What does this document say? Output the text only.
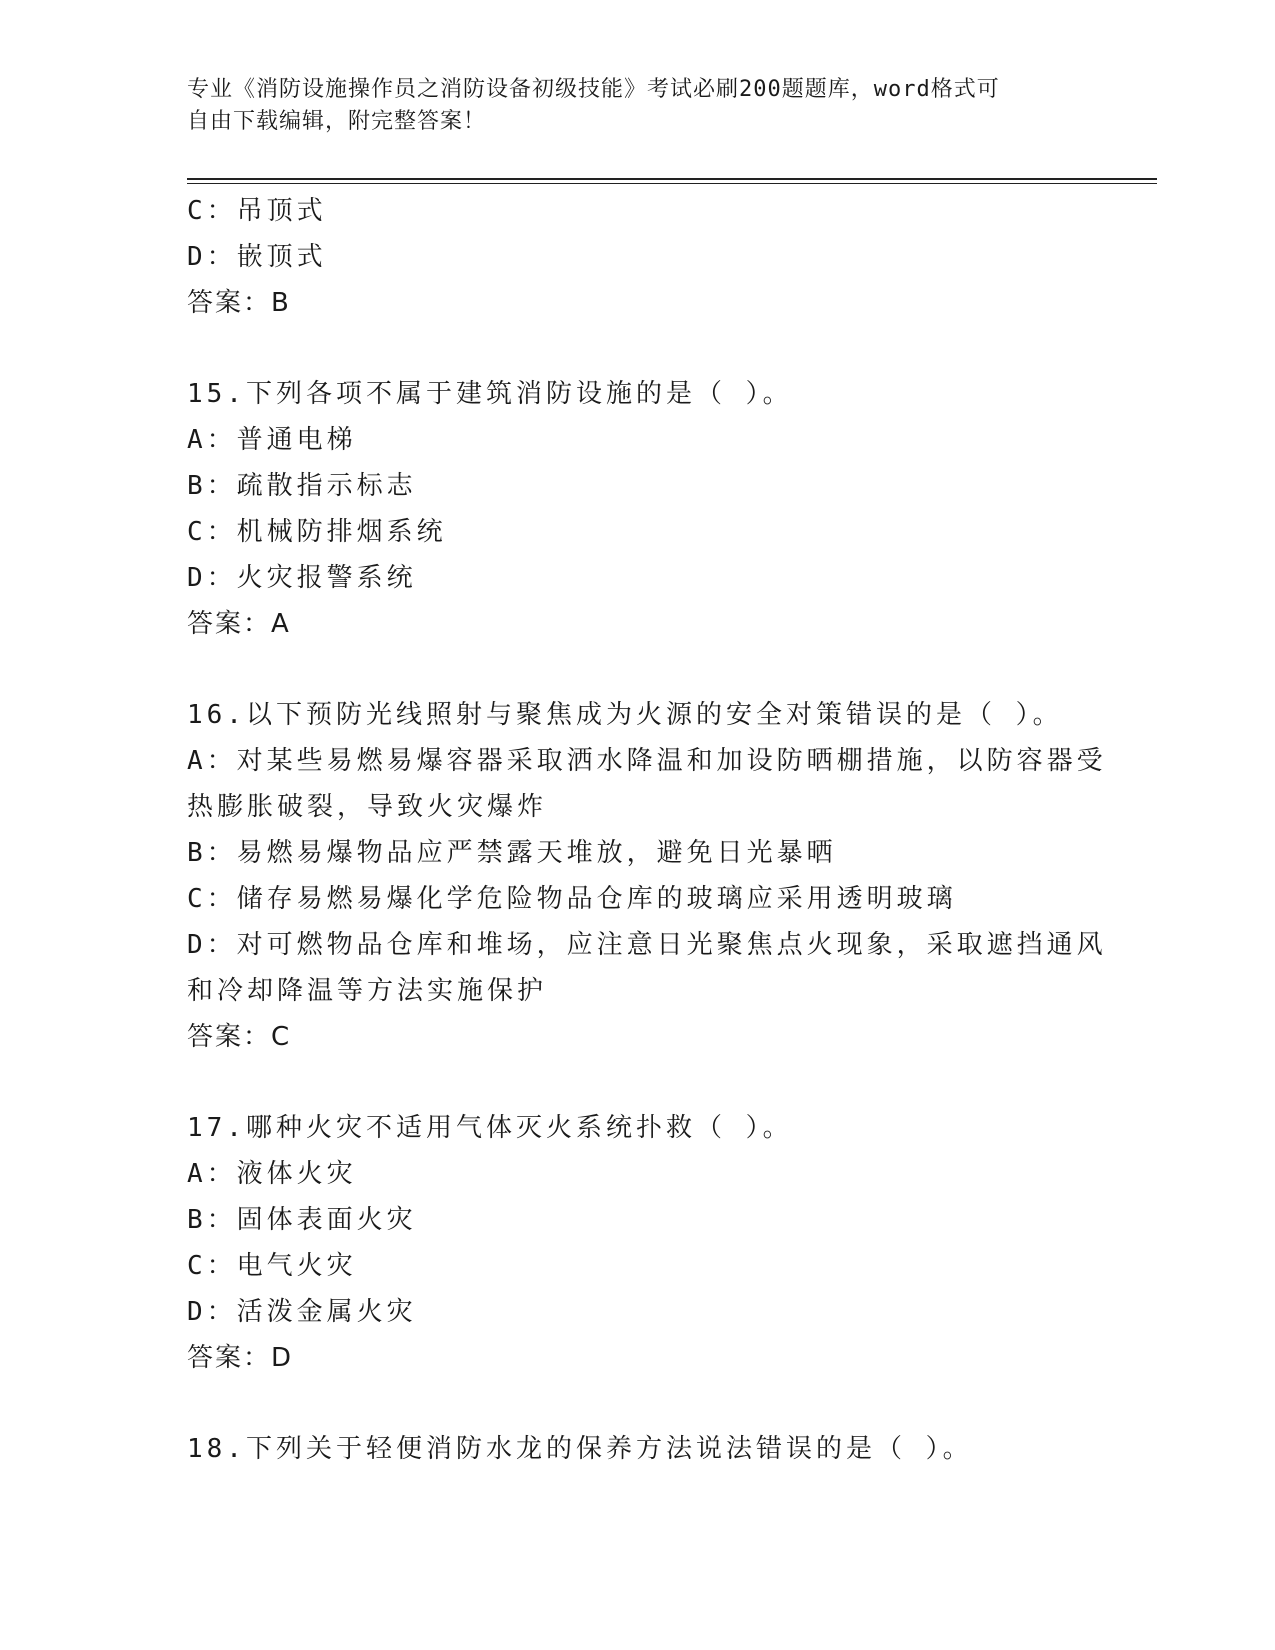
专业《消防设施操作员之消防设备初级技能》考试必刷200题题库，word格式可
自由下载编辑，附完整答案！
C：吊顶式
D：嵌顶式
答案：B
15.下列各项不属于建筑消防设施的是（ ）。
A：普通电梯
B：疏散指示标志
C：机械防排烟系统
D：火灾报警系统
答案：A
16.以下预防光线照射与聚焦成为火源的安全对策错误的是（ ）。
A：对某些易燃易爆容器采取洒水降温和加设防晒棚措施，以防容器受
热膨胀破裂，导致火灾爆炸
B：易燃易爆物品应严禁露天堆放，避免日光暴晒
C：储存易燃易爆化学危险物品仓库的玻璃应采用透明玻璃
D：对可燃物品仓库和堆场，应注意日光聚焦点火现象，采取遮挡通风
和冷却降温等方法实施保护
答案：C
17.哪种火灾不适用气体灭火系统扑救（ ）。
A：液体火灾
B：固体表面火灾
C：电气火灾
D：活泼金属火灾
答案：D
18.下列关于轻便消防水龙的保养方法说法错误的是（ ）。
